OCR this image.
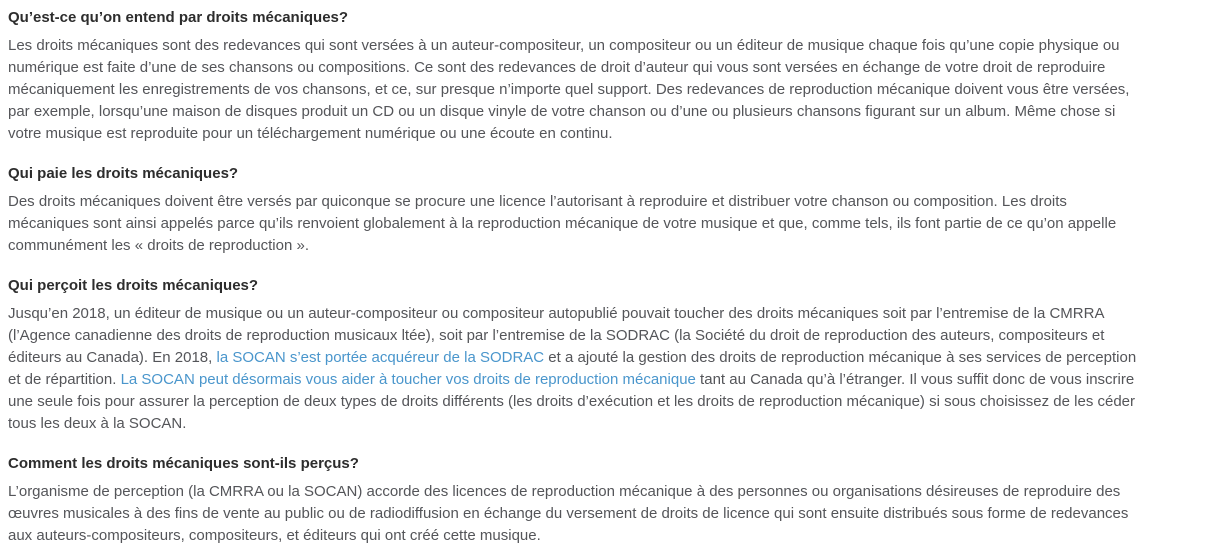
Qu’est-ce qu’on entend par droits mécaniques?

Les droits mécaniques sont des redevances qui sont versées à un auteur-compositeur, un compositeur ou un éditeur de musique chaque fois qu’une copie physique ou numérique est faite d’une de ses chansons ou compositions. Ce sont des redevances de droit d’auteur qui vous sont versées en échange de votre droit de reproduire mécaniquement les enregistrements de vos chansons, et ce, sur presque n’importe quel support. Des redevances de reproduction mécanique doivent vous être versées, par exemple, lorsqu’une maison de disques produit un CD ou un disque vinyle de votre chanson ou d’une ou plusieurs chansons figurant sur un album. Même chose si votre musique est reproduite pour un téléchargement numérique ou une écoute en continu.

Qui paie les droits mécaniques?

Des droits mécaniques doivent être versés par quiconque se procure une licence l’autorisant à reproduire et distribuer votre chanson ou composition. Les droits mécaniques sont ainsi appelés parce qu’ils renvoient globalement à la reproduction mécanique de votre musique et que, comme tels, ils font partie de ce qu’on appelle communément les « droits de reproduction ».

Qui perçoit les droits mécaniques?

Jusqu’en 2018, un éditeur de musique ou un auteur-compositeur ou compositeur autopublié pouvait toucher des droits mécaniques soit par l’entremise de la CMRRA (l’Agence canadienne des droits de reproduction musicaux ltée), soit par l’entremise de la SODRAC (la Société du droit de reproduction des auteurs, compositeurs et éditeurs au Canada). En 2018, la SOCAN s’est portée acquéreur de la SODRAC et a ajouté la gestion des droits de reproduction mécanique à ses services de perception et de répartition. La SOCAN peut désormais vous aider à toucher vos droits de reproduction mécanique tant au Canada qu’à l’étranger. Il vous suffit donc de vous inscrire une seule fois pour assurer la perception de deux types de droits différents (les droits d’exécution et les droits de reproduction mécanique) si sous choisissez de les céder tous les deux à la SOCAN.

Comment les droits mécaniques sont-ils perçus?

L’organisme de perception (la CMRRA ou la SOCAN) accorde des licences de reproduction mécanique à des personnes ou organisations désireuses de reproduire des œuvres musicales à des fins de vente au public ou de radiodiffusion en échange du versement de droits de licence qui sont ensuite distribués sous forme de redevances aux auteurs-compositeurs, compositeurs, et éditeurs qui ont créé cette musique.
